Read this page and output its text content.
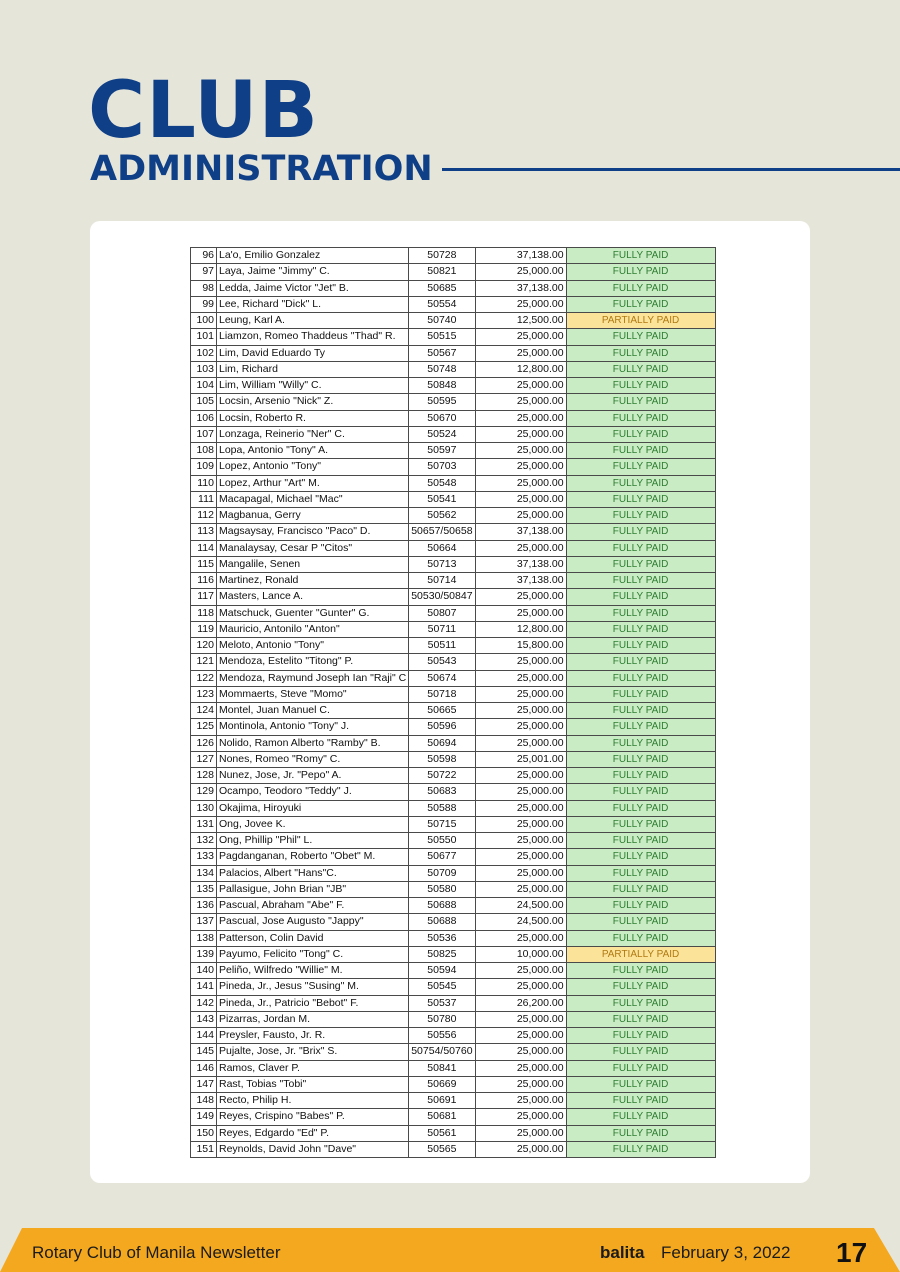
CLUB
ADMINISTRATION
96	La'o, Emilio Gonzalez	50728	37,138.00	FULLY PAID
97	Laya, Jaime "Jimmy" C.	50821	25,000.00	FULLY PAID
98	Ledda, Jaime Victor "Jet" B.	50685	37,138.00	FULLY PAID
99	Lee, Richard "Dick" L.	50554	25,000.00	FULLY PAID
100	Leung, Karl A.	50740	12,500.00	PARTIALLY PAID
101	Liamzon, Romeo Thaddeus "Thad" R.	50515	25,000.00	FULLY PAID
102	Lim, David Eduardo Ty	50567	25,000.00	FULLY PAID
103	Lim, Richard	50748	12,800.00	FULLY PAID
104	Lim, William "Willy" C.	50848	25,000.00	FULLY PAID
105	Locsin, Arsenio "Nick" Z.	50595	25,000.00	FULLY PAID
106	Locsin, Roberto R.	50670	25,000.00	FULLY PAID
107	Lonzaga, Reinerio "Ner" C.	50524	25,000.00	FULLY PAID
108	Lopa, Antonio "Tony" A.	50597	25,000.00	FULLY PAID
109	Lopez, Antonio "Tony"	50703	25,000.00	FULLY PAID
110	Lopez, Arthur "Art" M.	50548	25,000.00	FULLY PAID
111	Macapagal, Michael "Mac"	50541	25,000.00	FULLY PAID
112	Magbanua, Gerry	50562	25,000.00	FULLY PAID
113	Magsaysay, Francisco "Paco" D.	50657/50658	37,138.00	FULLY PAID
114	Manalaysay, Cesar P "Citos"	50664	25,000.00	FULLY PAID
115	Mangalile, Senen	50713	37,138.00	FULLY PAID
116	Martinez, Ronald	50714	37,138.00	FULLY PAID
117	Masters, Lance A.	50530/50847	25,000.00	FULLY PAID
118	Matschuck, Guenter "Gunter" G.	50807	25,000.00	FULLY PAID
119	Mauricio, Antonilo "Anton"	50711	12,800.00	FULLY PAID
120	Meloto, Antonio "Tony"	50511	15,800.00	FULLY PAID
121	Mendoza, Estelito "Titong" P.	50543	25,000.00	FULLY PAID
122	Mendoza, Raymund Joseph Ian "Raji" C	50674	25,000.00	FULLY PAID
123	Mommaerts, Steve "Momo"	50718	25,000.00	FULLY PAID
124	Montel, Juan Manuel C.	50665	25,000.00	FULLY PAID
125	Montinola, Antonio "Tony" J.	50596	25,000.00	FULLY PAID
126	Nolido, Ramon Alberto "Ramby" B.	50694	25,000.00	FULLY PAID
127	Nones, Romeo "Romy" C.	50598	25,001.00	FULLY PAID
128	Nunez, Jose, Jr. "Pepo" A.	50722	25,000.00	FULLY PAID
129	Ocampo, Teodoro "Teddy" J.	50683	25,000.00	FULLY PAID
130	Okajima, Hiroyuki	50588	25,000.00	FULLY PAID
131	Ong, Jovee K.	50715	25,000.00	FULLY PAID
132	Ong, Phillip "Phil" L.	50550	25,000.00	FULLY PAID
133	Pagdanganan, Roberto "Obet" M.	50677	25,000.00	FULLY PAID
134	Palacios, Albert "Hans"C.	50709	25,000.00	FULLY PAID
135	Pallasigue, John Brian "JB"	50580	25,000.00	FULLY PAID
136	Pascual, Abraham "Abe" F.	50688	24,500.00	FULLY PAID
137	Pascual, Jose Augusto "Jappy"	50688	24,500.00	FULLY PAID
138	Patterson, Colin David	50536	25,000.00	FULLY PAID
139	Payumo, Felicito "Tong" C.	50825	10,000.00	PARTIALLY PAID
140	Peliño, Wilfredo "Willie" M.	50594	25,000.00	FULLY PAID
141	Pineda, Jr., Jesus "Susing" M.	50545	25,000.00	FULLY PAID
142	Pineda, Jr., Patricio "Bebot" F.	50537	26,200.00	FULLY PAID
143	Pizarras, Jordan M.	50780	25,000.00	FULLY PAID
144	Preysler, Fausto, Jr. R.	50556	25,000.00	FULLY PAID
145	Pujalte, Jose, Jr. "Brix" S.	50754/50760	25,000.00	FULLY PAID
146	Ramos, Claver P.	50841	25,000.00	FULLY PAID
147	Rast, Tobias "Tobi"	50669	25,000.00	FULLY PAID
148	Recto, Philip H.	50691	25,000.00	FULLY PAID
149	Reyes, Crispino "Babes" P.	50681	25,000.00	FULLY PAID
150	Reyes, Edgardo "Ed" P.	50561	25,000.00	FULLY PAID
151	Reynolds, David John "Dave"	50565	25,000.00	FULLY PAID
Rotary Club of Manila Newsletter	balita February 3, 2022 17
